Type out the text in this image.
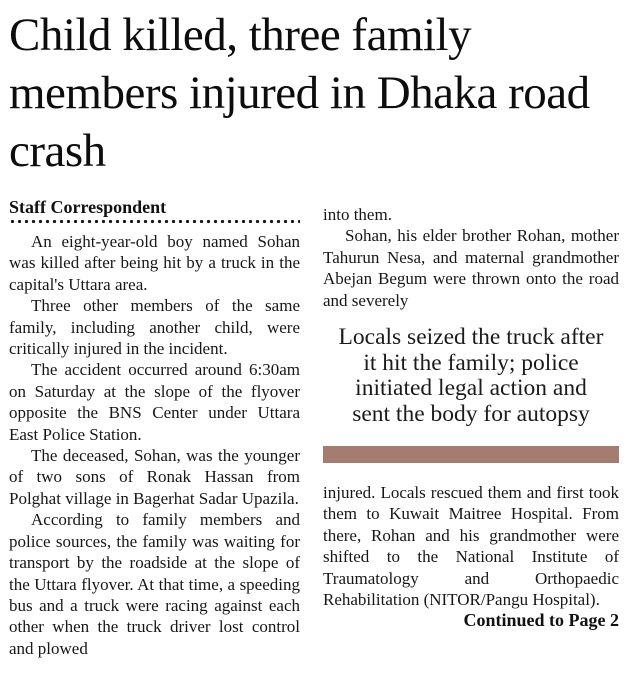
Child killed, three family members injured in Dhaka road crash
Staff Correspondent

An eight-year-old boy named Sohan was killed after being hit by a truck in the capital's Uttara area.

Three other members of the same family, including another child, were critically injured in the incident.

The accident occurred around 6:30am on Saturday at the slope of the flyover opposite the BNS Center under Uttara East Police Station.

The deceased, Sohan, was the younger of two sons of Ronak Hassan from Polghat village in Bagerhat Sadar Upazila.

According to family members and police sources, the family was waiting for transport by the roadside at the slope of the Uttara flyover. At that time, a speeding bus and a truck were racing against each other when the truck driver lost control and plowed

into them.

Sohan, his elder brother Rohan, mother Tahurun Nesa, and maternal grandmother Abejan Begum were thrown onto the road and severely

Locals seized the truck after it hit the family; police initiated legal action and sent the body for autopsy

injured. Locals rescued them and first took them to Kuwait Maitree Hospital. From there, Rohan and his grandmother were shifted to the National Institute of Traumatology and Orthopaedic Rehabilitation (NITOR/Pangu Hospital).

Continued to Page 2
